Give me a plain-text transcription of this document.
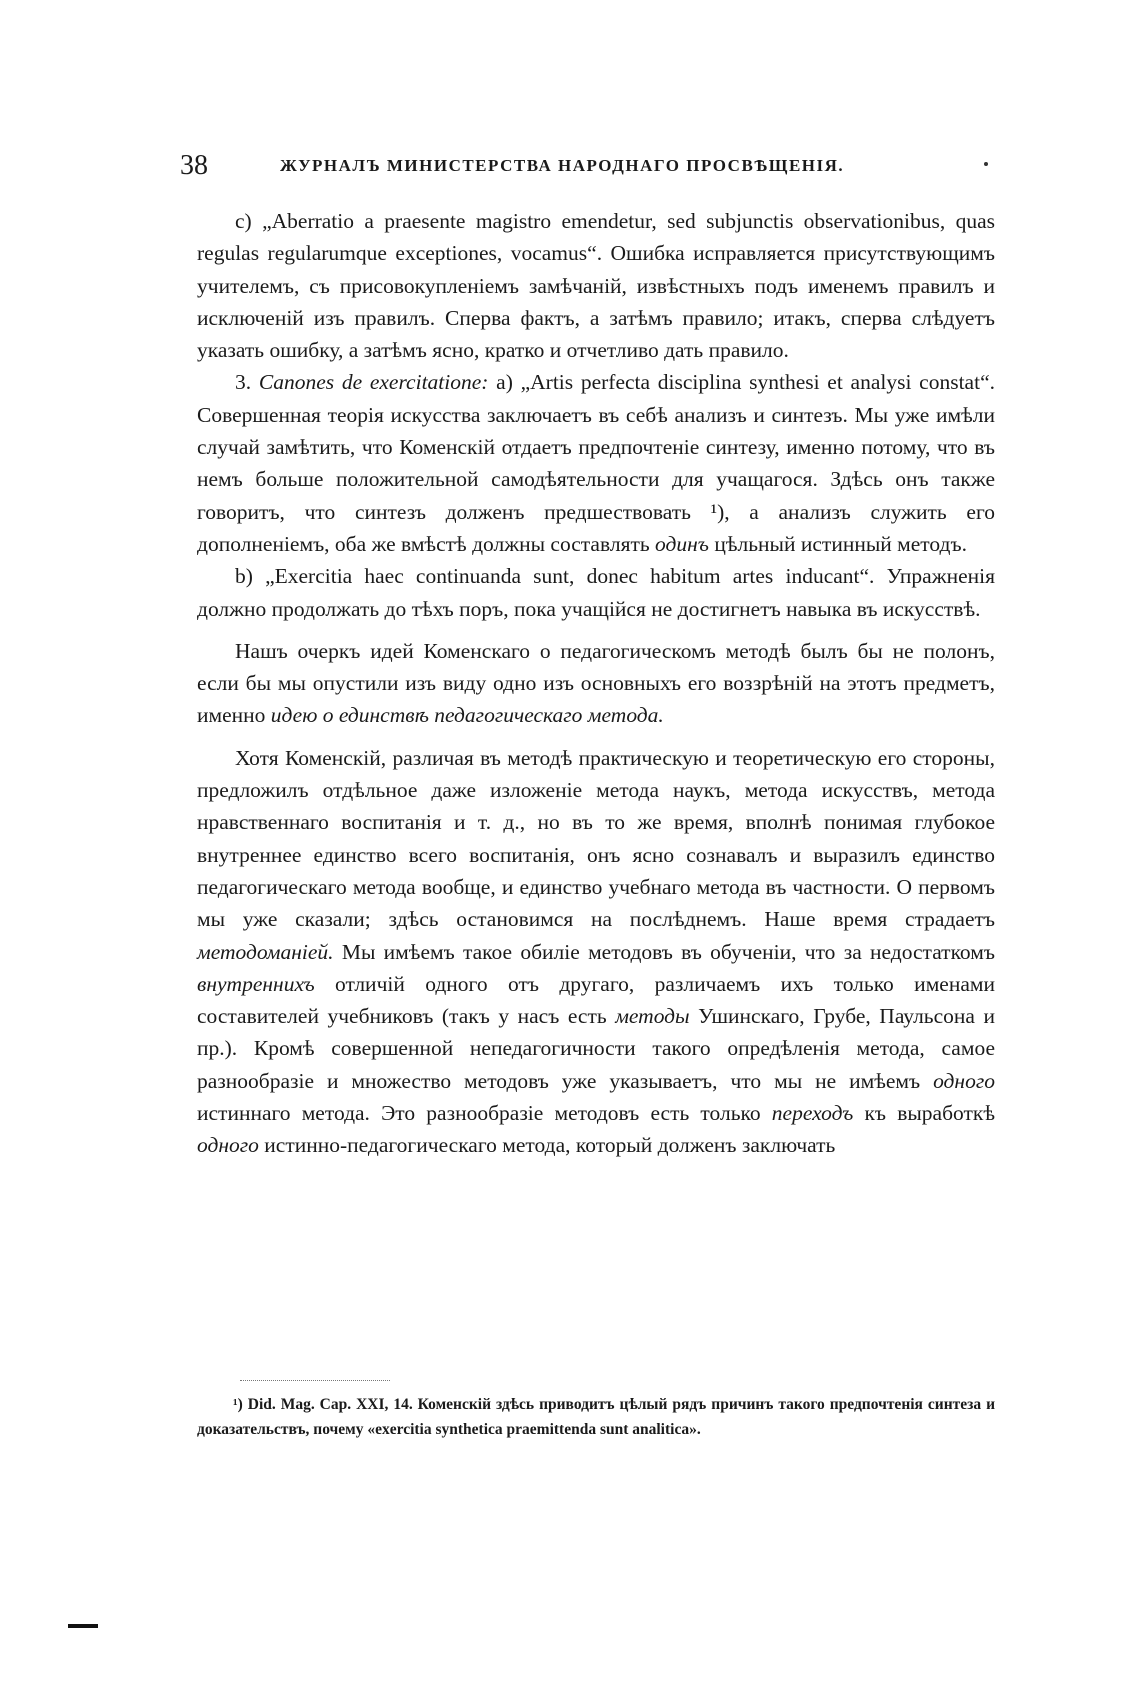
38	ЖУРНАЛЪ МИНИСТЕРСТВА НАРОДНАГО ПРОСВѢЩЕНІЯ.

c) „Aberratio a praesente magistro emendetur, sed subjunctis observationibus, quas regulas regularumque exceptiones, vocamus“. Ошибка исправляется присутствующимъ учителемъ, съ присовокупленіемъ замѣчаній, извѣстныхъ подъ именемъ правилъ и исключеній изъ правилъ. Сперва фактъ, а затѣмъ правило; итакъ, сперва слѣдуетъ указать ошибку, а затѣмъ ясно, кратко и отчетливо дать правило.

3. Canones de exercitatione: a) „Artis perfecta disciplina synthesi et analysi constat“. Совершенная теорія искусства заключаетъ въ себѣ анализъ и синтезъ. Мы уже имѣли случай замѣтить, что Коменскій отдаетъ предпочтеніе синтезу, именно потому, что въ немъ больше положительной самодѣятельности для учащагося. Здѣсь онъ также говоритъ, что синтезъ долженъ предшествовать ¹), а анализъ служить его дополненіемъ, оба же вмѣстѣ должны составлять одинъ цѣльный истинный методъ.

b) „Exercitia haec continuanda sunt, donec habitum artes inducant“. Упражненія должно продолжать до тѣхъ поръ, пока учащійся не достигнетъ навыка въ искусствѣ.

Нашъ очеркъ идей Коменскаго о педагогическомъ методѣ былъ бы не полонъ, если бы мы опустили изъ виду одно изъ основныхъ его воззрѣній на этотъ предметъ, именно идею о единствѣ педагогическаго метода.

Хотя Коменскій, различая въ методѣ практическую и теоретическую его стороны, предложилъ отдѣльное даже изложеніе метода наукъ, метода искусствъ, метода нравственнаго воспитанія и т. д., но въ то же время, вполнѣ понимая глубокое внутреннее единство всего воспитанія, онъ ясно сознавалъ и выразилъ единство педагогическаго метода вообще, и единство учебнаго метода въ частности. О первомъ мы уже сказали; здѣсь остановимся на послѣднемъ. Наше время страдаетъ методоманіей. Мы имѣемъ такое обиліе методовъ въ обученіи, что за недостаткомъ внутреннихъ отличій одного отъ другаго, различаемъ ихъ только именами составителей учебниковъ (такъ у насъ есть методы Ушинскаго, Грубе, Паульсона и пр.). Кромѣ совершенной непедагогичности такого опредѣленія метода, самое разнообразіе и множество методовъ уже указываетъ, что мы не имѣемъ одного истиннаго метода. Это разнообразіе методовъ есть только переходъ къ выработкѣ одного истинно-педагогическаго метода, который долженъ заключать

¹) Did. Mag. Cap. XXI, 14. Коменскій здѣсь приводитъ цѣлый рядъ причинъ такого предпочтенія синтеза и доказательствъ, почему «exercitia synthetica praemittenda sunt analitica».
